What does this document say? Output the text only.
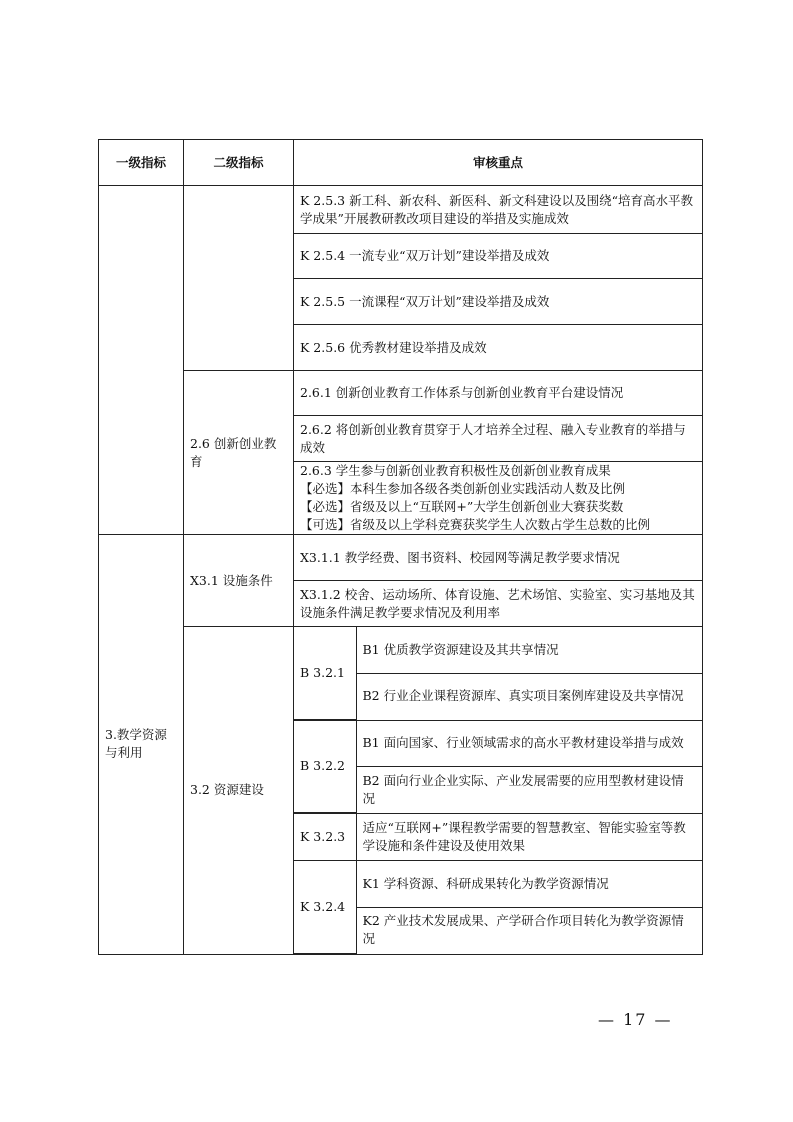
一级指标	二级指标	审核重点
		K 2.5.3 新工科、新农科、新医科、新文科建设以及围绕“培育高水平教学成果”开展教研教改项目建设的举措及实施成效
K 2.5.4 一流专业“双万计划”建设举措及成效
K 2.5.5 一流课程“双万计划”建设举措及成效
K 2.5.6 优秀教材建设举措及成效
2.6 创新创业教育	2.6.1 创新创业教育工作体系与创新创业教育平台建设情况
2.6.2 将创新创业教育贯穿于人才培养全过程、融入专业教育的举措与成效

2.6.3 学生参与创新创业教育积极性及创新创业教育成果
【必选】本科生参加各级各类创新创业实践活动人数及比例
【必选】省级及以上“互联网+”大学生创新创业大赛获奖数
【可选】省级及以上学科竞赛获奖学生人次数占学生总数的比例

3.教学资源与利用	X3.1 设施条件	X3.1.1 教学经费、图书资料、校园网等满足教学要求情况
X3.1.2 校舍、运动场所、体育设施、艺术场馆、实验室、实习基地及其设施条件满足教学要求情况及利用率
3.2 资源建设	
B 3.2.1	B1 优质教学资源建设及其共享情况
B2 行业企业课程资源库、真实项目案例库建设及共享情况

B 3.2.2	B1 面向国家、行业领域需求的高水平教材建设举措与成效
B2 面向行业企业实际、产业发展需要的应用型教材建设情况

K 3.2.3	适应“互联网+”课程教学需要的智慧教室、智能实验室等教学设施和条件建设及使用效果

K 3.2.4	K1 学科资源、科研成果转化为教学资源情况
K2 产业技术发展成果、产学研合作项目转化为教学资源情况
— 17 —
